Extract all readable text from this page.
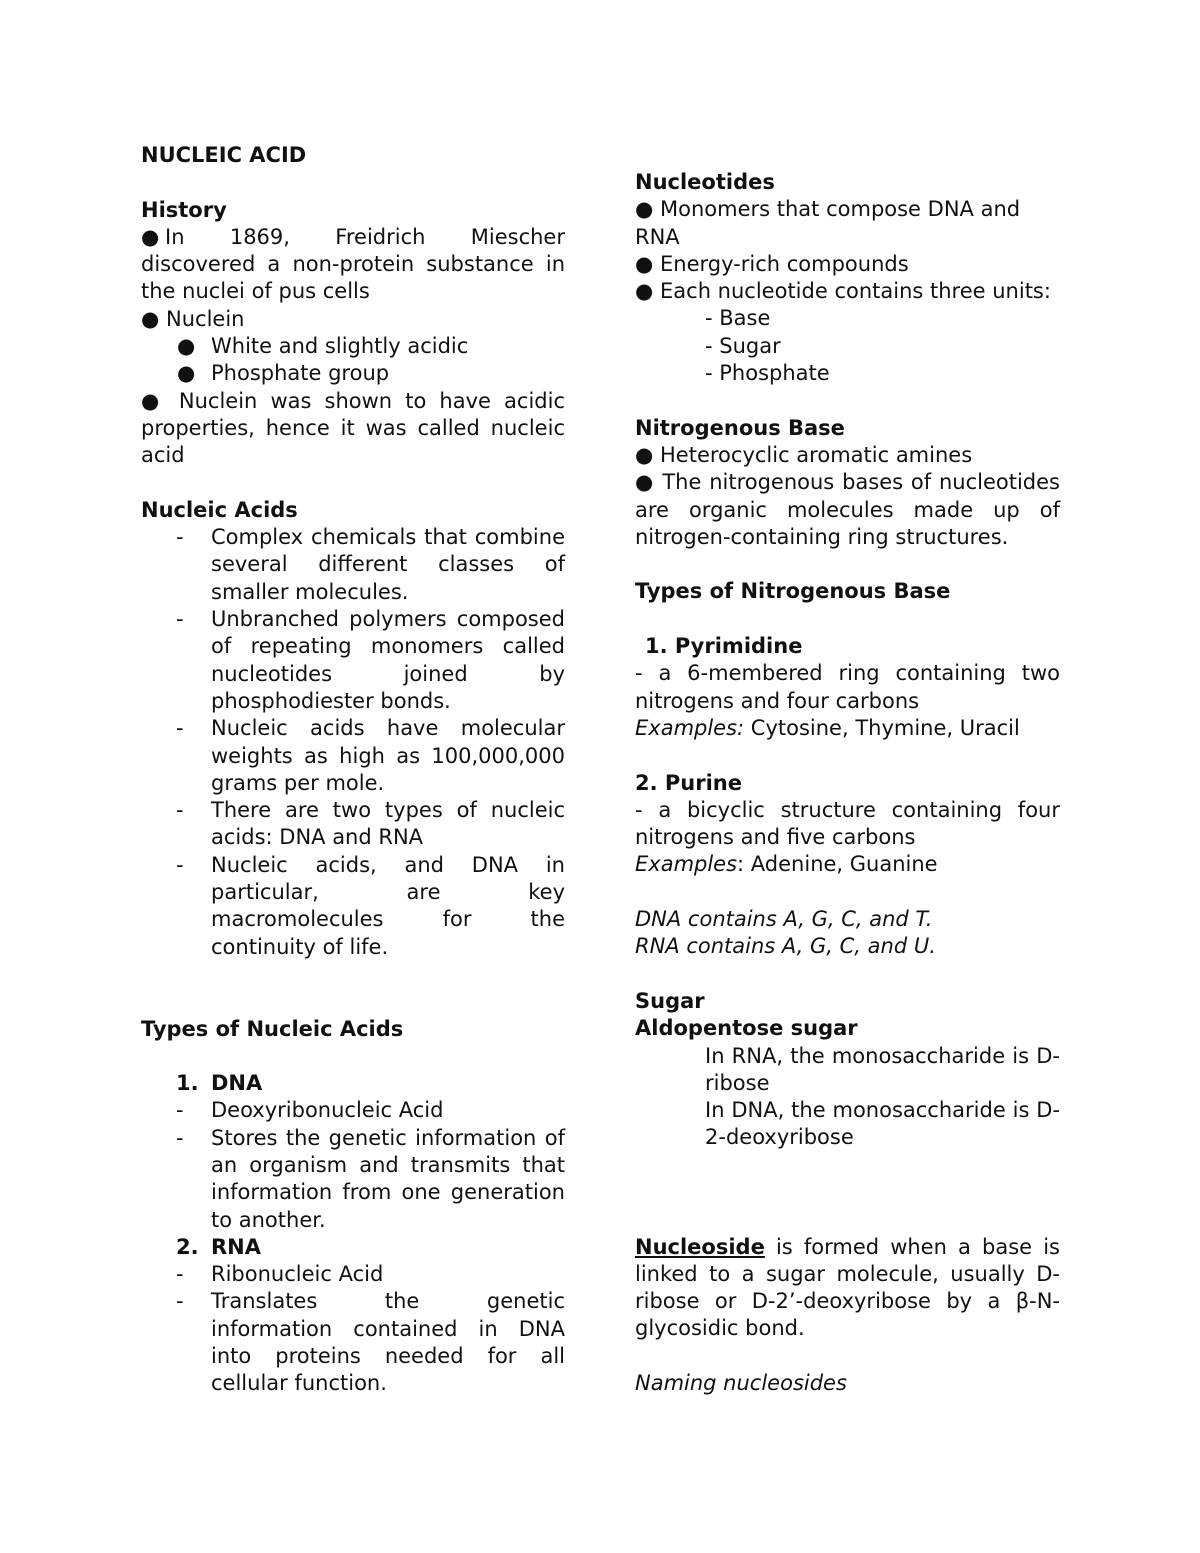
NUCLEIC ACID

History

● In 1869, Freidrich Miescher discovered a non-protein substance in the nuclei of pus cells

● Nuclein

● White and slightly acidic

● Phosphate group

● Nuclein was shown to have acidic properties, hence it was called nucleic acid

Nucleic Acids

- Complex chemicals that combine several different classes of smaller molecules.

- Unbranched polymers composed of repeating monomers called nucleotides joined by phosphodiester bonds.

- Nucleic acids have molecular weights as high as 100,000,000 grams per mole.

- There are two types of nucleic acids: DNA and RNA

- Nucleic acids, and DNA in particular, are key macromolecules for the continuity of life.

Types of Nucleic Acids

1. DNA

- Deoxyribonucleic Acid

- Stores the genetic information of an organism and transmits that information from one generation to another.

2. RNA

- Ribonucleic Acid

- Translates the genetic information contained in DNA into proteins needed for all cellular function.

Nucleotides

● Monomers that compose DNA and RNA

● Energy-rich compounds

● Each nucleotide contains three units:

- Base

- Sugar

- Phosphate

Nitrogenous Base

● Heterocyclic aromatic amines

● The nitrogenous bases of nucleotides are organic molecules made up of nitrogen-containing ring structures.

Types of Nitrogenous Base

1. Pyrimidine

- a 6-membered ring containing two nitrogens and four carbons

Examples: Cytosine, Thymine, Uracil

2. Purine

- a bicyclic structure containing four nitrogens and five carbons

Examples: Adenine, Guanine

DNA contains A, G, C, and T.

RNA contains A, G, C, and U.

Sugar

Aldopentose sugar

In RNA, the monosaccharide is D-ribose

In DNA, the monosaccharide is D-2-deoxyribose

Nucleoside is formed when a base is linked to a sugar molecule, usually D-ribose or D-2’-deoxyribose by a β-N-glycosidic bond.

Naming nucleosides
